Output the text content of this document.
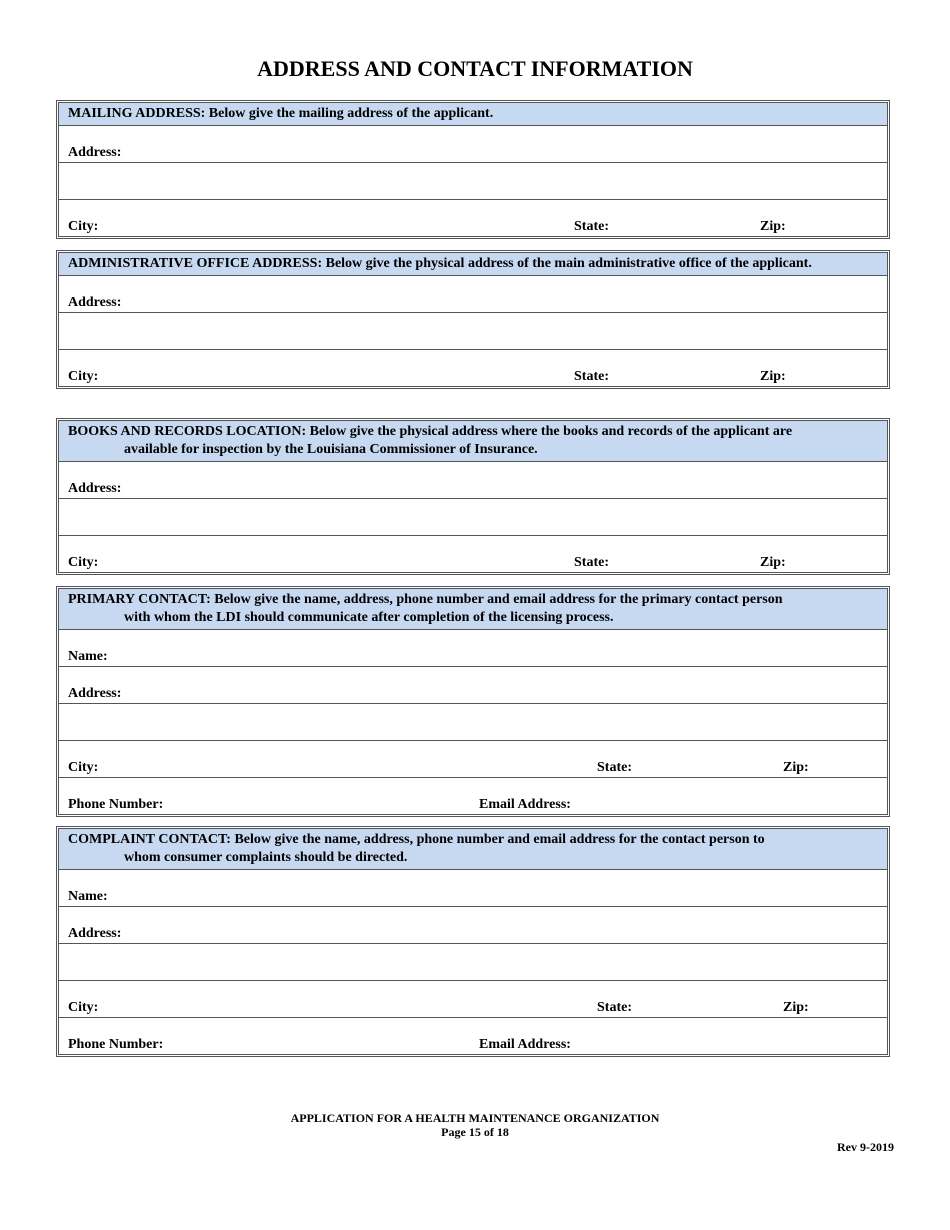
ADDRESS AND CONTACT INFORMATION
MAILING ADDRESS: Below give the mailing address of the applicant.
Address:
City:	State:	Zip:
ADMINISTRATIVE OFFICE ADDRESS: Below give the physical address of the main administrative office of the applicant.
Address:
City:	State:	Zip:
BOOKS AND RECORDS LOCATION: Below give the physical address where the books and records of the applicant are
available for inspection by the Louisiana Commissioner of Insurance.
Address:
City:	State:	Zip:
PRIMARY CONTACT: Below give the name, address, phone number and email address for the primary contact person
with whom the LDI should communicate after completion of the licensing process.
Name:
Address:
City:	State:	Zip:
Phone Number:	Email Address:
COMPLAINT CONTACT: Below give the name, address, phone number and email address for the contact person to
whom consumer complaints should be directed.
Name:
Address:
City:	State:	Zip:
Phone Number:	Email Address:
APPLICATION FOR A HEALTH MAINTENANCE ORGANIZATION
Page 15 of 18
Rev 9-2019
